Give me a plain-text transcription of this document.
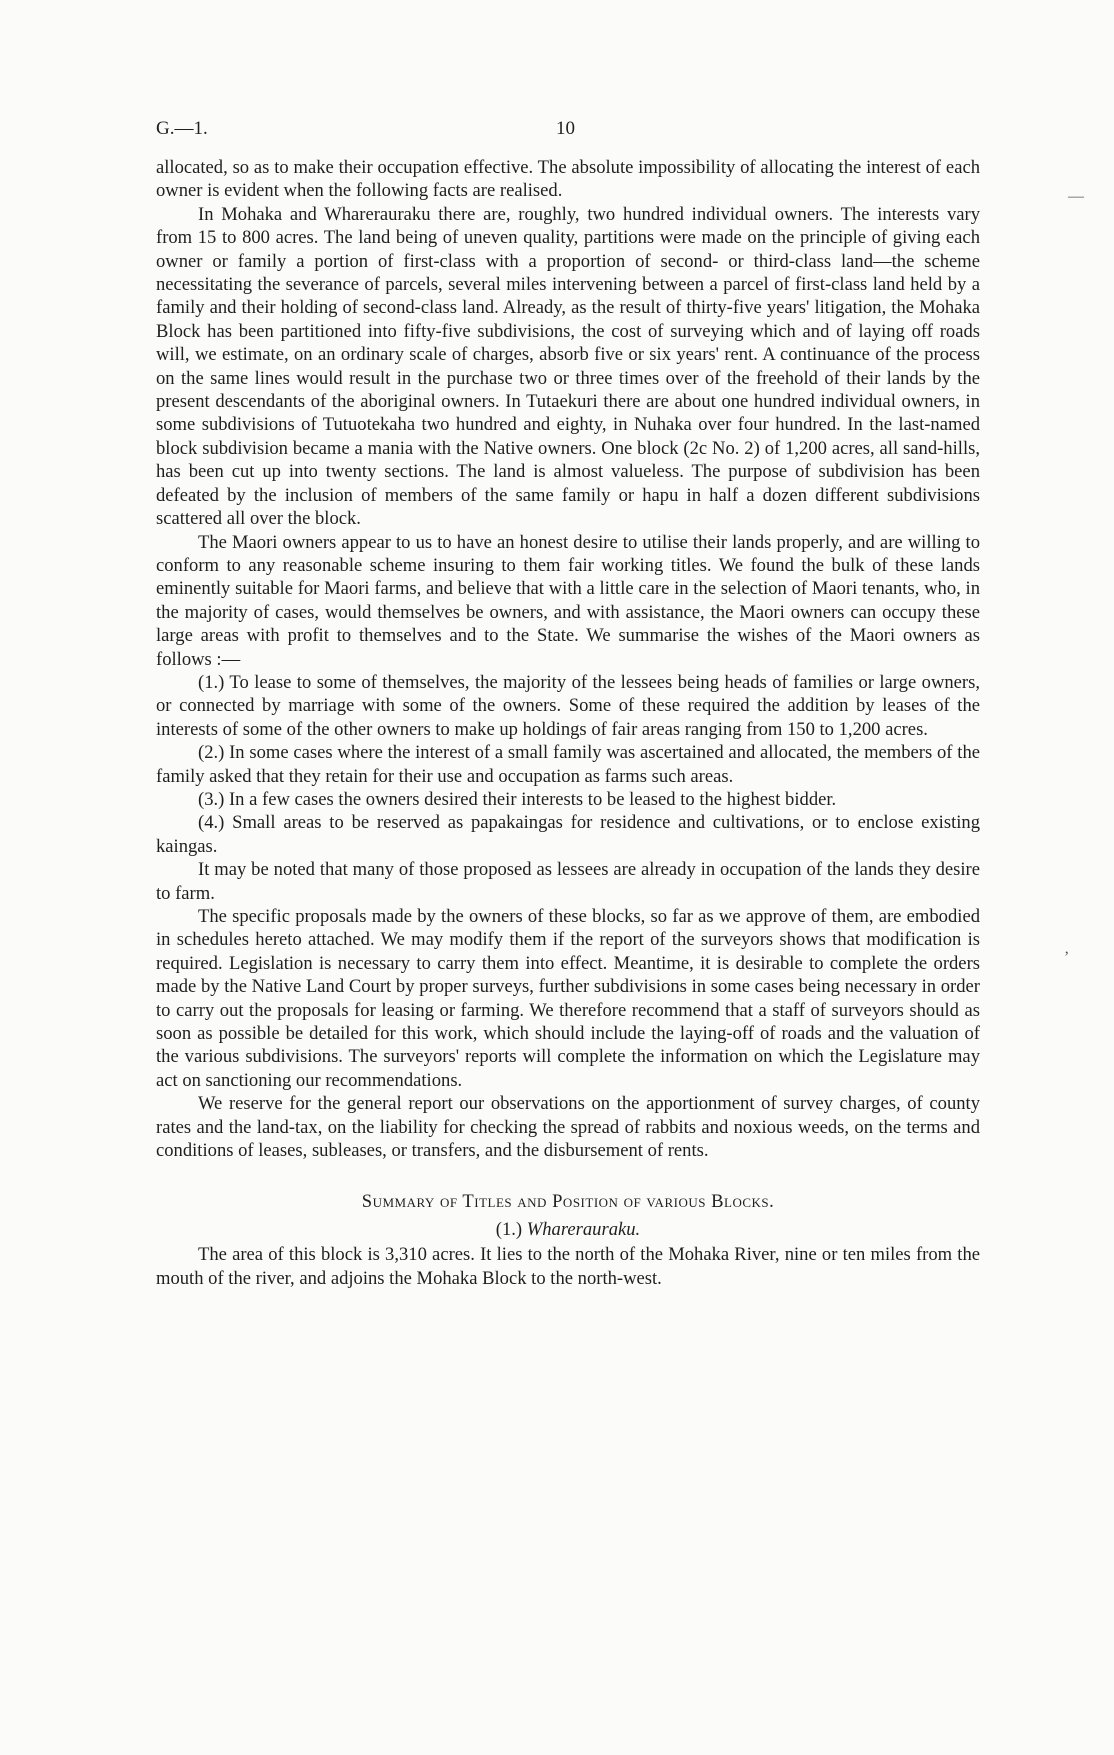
G.—1.	10

allocated, so as to make their occupation effective. The absolute impossibility of allocating the interest of each owner is evident when the following facts are realised.

In Mohaka and Wharerauraku there are, roughly, two hundred individual owners. The interests vary from 15 to 800 acres. The land being of uneven quality, partitions were made on the principle of giving each owner or family a portion of first-class with a proportion of second- or third-class land—the scheme necessitating the severance of parcels, several miles intervening between a parcel of first-class land held by a family and their holding of second-class land. Already, as the result of thirty-five years' litigation, the Mohaka Block has been partitioned into fifty-five subdivisions, the cost of surveying which and of laying off roads will, we estimate, on an ordinary scale of charges, absorb five or six years' rent. A continuance of the process on the same lines would result in the purchase two or three times over of the freehold of their lands by the present descendants of the aboriginal owners. In Tutaekuri there are about one hundred individual owners, in some subdivisions of Tutuotekaha two hundred and eighty, in Nuhaka over four hundred. In the last-named block subdivision became a mania with the Native owners. One block (2c No. 2) of 1,200 acres, all sand-hills, has been cut up into twenty sections. The land is almost valueless. The purpose of subdivision has been defeated by the inclusion of members of the same family or hapu in half a dozen different subdivisions scattered all over the block.

The Maori owners appear to us to have an honest desire to utilise their lands properly, and are willing to conform to any reasonable scheme insuring to them fair working titles. We found the bulk of these lands eminently suitable for Maori farms, and believe that with a little care in the selection of Maori tenants, who, in the majority of cases, would themselves be owners, and with assistance, the Maori owners can occupy these large areas with profit to themselves and to the State. We summarise the wishes of the Maori owners as follows :—

(1.) To lease to some of themselves, the majority of the lessees being heads of families or large owners, or connected by marriage with some of the owners. Some of these required the addition by leases of the interests of some of the other owners to make up holdings of fair areas ranging from 150 to 1,200 acres.

(2.) In some cases where the interest of a small family was ascertained and allocated, the members of the family asked that they retain for their use and occupation as farms such areas.

(3.) In a few cases the owners desired their interests to be leased to the highest bidder.

(4.) Small areas to be reserved as papakaingas for residence and cultivations, or to enclose existing kaingas.

It may be noted that many of those proposed as lessees are already in occupation of the lands they desire to farm.

The specific proposals made by the owners of these blocks, so far as we approve of them, are embodied in schedules hereto attached. We may modify them if the report of the surveyors shows that modification is required. Legislation is necessary to carry them into effect. Meantime, it is desirable to complete the orders made by the Native Land Court by proper surveys, further subdivisions in some cases being necessary in order to carry out the proposals for leasing or farming. We therefore recommend that a staff of surveyors should as soon as possible be detailed for this work, which should include the laying-off of roads and the valuation of the various subdivisions. The surveyors' reports will complete the information on which the Legislature may act on sanctioning our recommendations.

We reserve for the general report our observations on the apportionment of survey charges, of county rates and the land-tax, on the liability for checking the spread of rabbits and noxious weeds, on the terms and conditions of leases, subleases, or transfers, and the disbursement of rents.

Summary of Titles and Position of various Blocks.
(1.) Wharerauraku.

The area of this block is 3,310 acres. It lies to the north of the Mohaka River, nine or ten miles from the mouth of the river, and adjoins the Mohaka Block to the north-west.

—
‚
